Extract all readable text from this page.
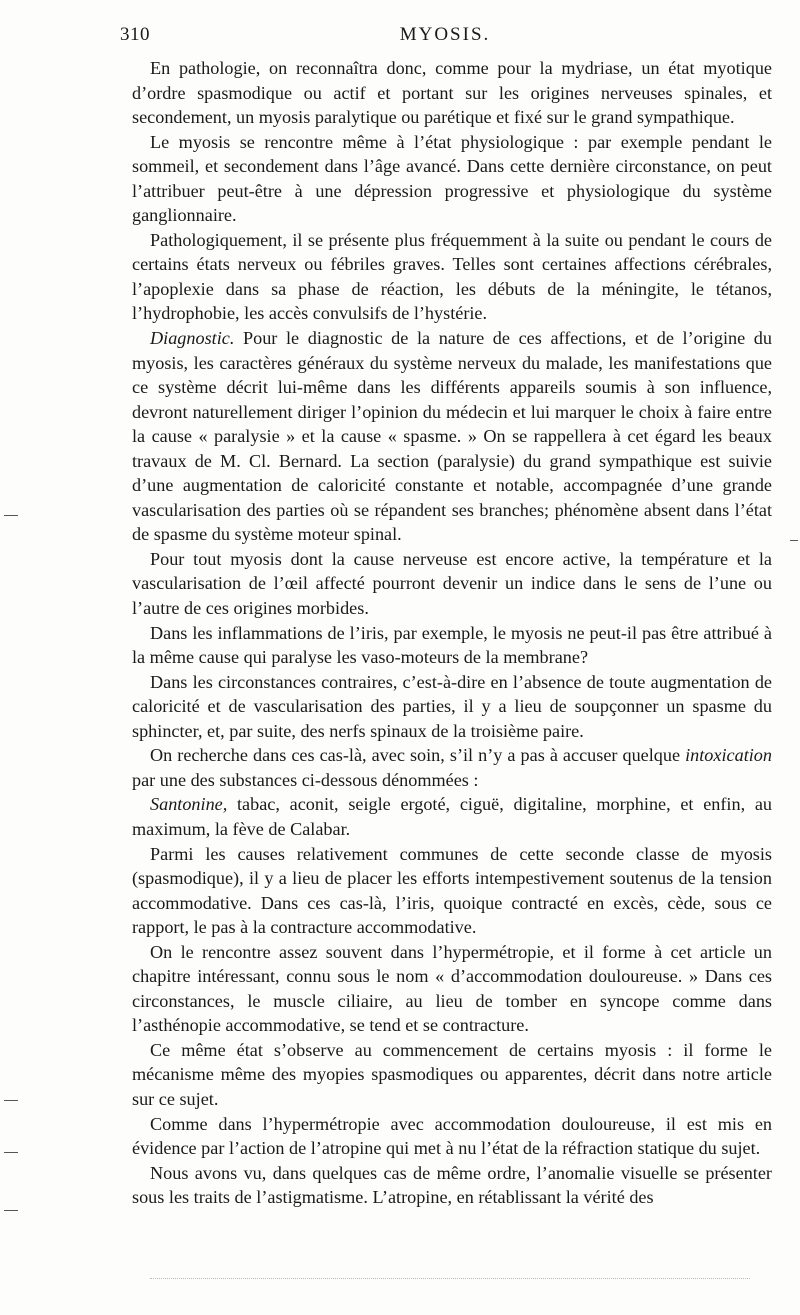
310	MYOSIS.

En pathologie, on reconnaîtra donc, comme pour la mydriase, un état myotique d’ordre spasmodique ou actif et portant sur les origines nerveuses spinales, et secondement, un myosis paralytique ou parétique et fixé sur le grand sympathique.

Le myosis se rencontre même à l’état physiologique : par exemple pendant le sommeil, et secondement dans l’âge avancé. Dans cette dernière circonstance, on peut l’attribuer peut-être à une dépression progressive et physiologique du système ganglionnaire.

Pathologiquement, il se présente plus fréquemment à la suite ou pendant le cours de certains états nerveux ou fébriles graves. Telles sont certaines affections cérébrales, l’apoplexie dans sa phase de réaction, les débuts de la méningite, le tétanos, l’hydrophobie, les accès convulsifs de l’hystérie.

Diagnostic. Pour le diagnostic de la nature de ces affections, et de l’origine du myosis, les caractères généraux du système nerveux du malade, les manifestations que ce système décrit lui-même dans les différents appareils soumis à son influence, devront naturellement diriger l’opinion du médecin et lui marquer le choix à faire entre la cause « paralysie » et la cause « spasme. » On se rappellera à cet égard les beaux travaux de M. Cl. Bernard. La section (paralysie) du grand sympathique est suivie d’une augmentation de caloricité constante et notable, accompagnée d’une grande vascularisation des parties où se répandent ses branches; phénomène absent dans l’état de spasme du système moteur spinal.

Pour tout myosis dont la cause nerveuse est encore active, la température et la vascularisation de l’œil affecté pourront devenir un indice dans le sens de l’une ou l’autre de ces origines morbides.

Dans les inflammations de l’iris, par exemple, le myosis ne peut-il pas être attribué à la même cause qui paralyse les vaso-moteurs de la membrane?

Dans les circonstances contraires, c’est-à-dire en l’absence de toute augmentation de caloricité et de vascularisation des parties, il y a lieu de soupçonner un spasme du sphincter, et, par suite, des nerfs spinaux de la troisième paire.

On recherche dans ces cas-là, avec soin, s’il n’y a pas à accuser quelque intoxication par une des substances ci-dessous dénommées :

Santonine, tabac, aconit, seigle ergoté, ciguë, digitaline, morphine, et enfin, au maximum, la fève de Calabar.

Parmi les causes relativement communes de cette seconde classe de myosis (spasmodique), il y a lieu de placer les efforts intempestivement soutenus de la tension accommodative. Dans ces cas-là, l’iris, quoique contracté en excès, cède, sous ce rapport, le pas à la contracture accommodative.

On le rencontre assez souvent dans l’hypermétropie, et il forme à cet article un chapitre intéressant, connu sous le nom « d’accommodation douloureuse. » Dans ces circonstances, le muscle ciliaire, au lieu de tomber en syncope comme dans l’asthénopie accommodative, se tend et se contracture.

Ce même état s’observe au commencement de certains myosis : il forme le mécanisme même des myopies spasmodiques ou apparentes, décrit dans notre article sur ce sujet.

Comme dans l’hypermétropie avec accommodation douloureuse, il est mis en évidence par l’action de l’atropine qui met à nu l’état de la réfraction statique du sujet.

Nous avons vu, dans quelques cas de même ordre, l’anomalie visuelle se présenter sous les traits de l’astigmatisme. L’atropine, en rétablissant la vérité des
